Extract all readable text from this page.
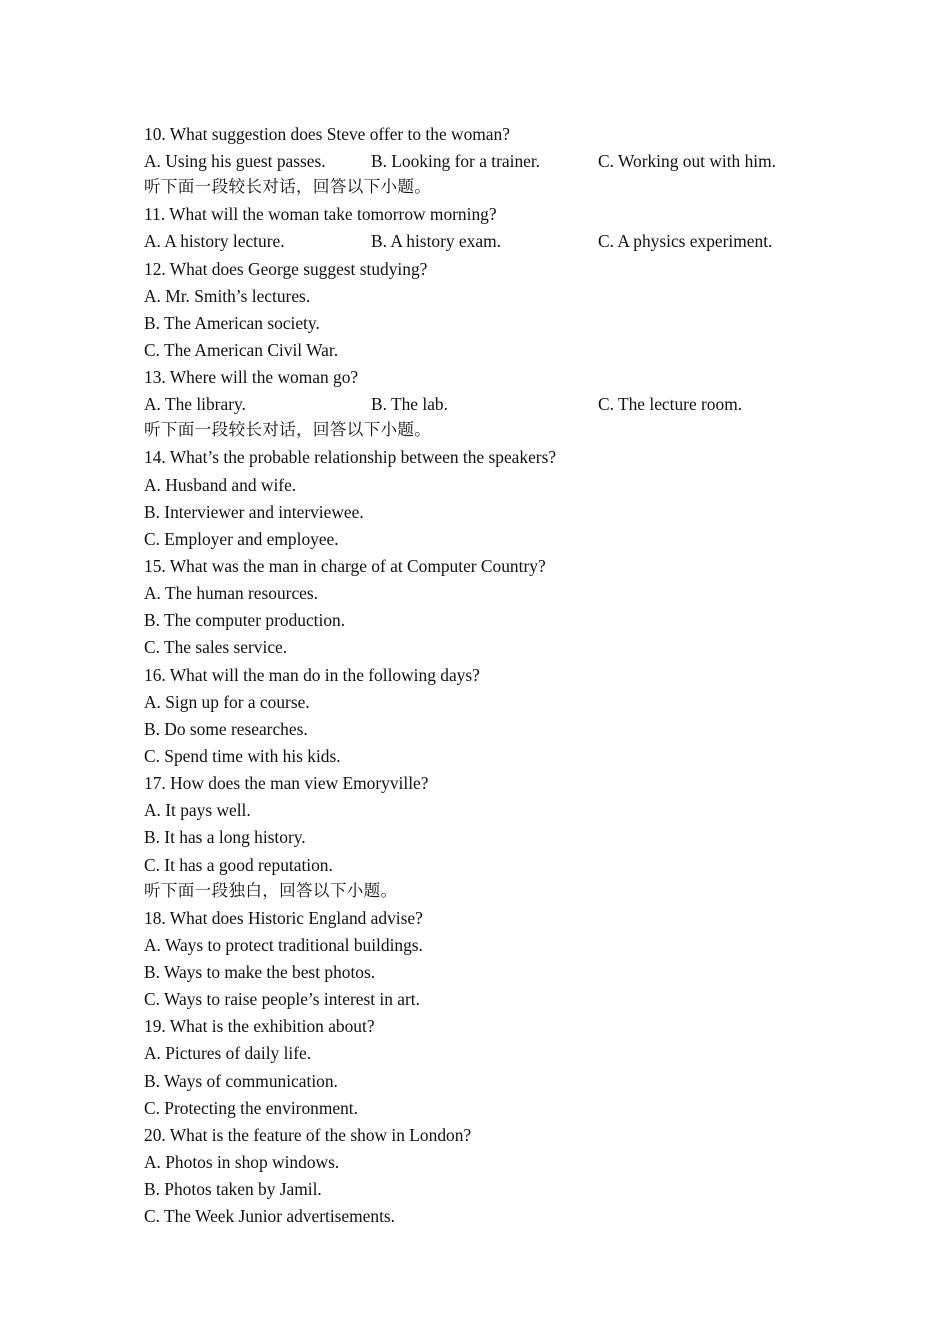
10. What suggestion does Steve offer to the woman?
A. Using his guest passes.	B. Looking for a trainer.	C. Working out with him.
听下面一段较长对话，回答以下小题。
11. What will the woman take tomorrow morning?
A. A history lecture.	B. A history exam.	C. A physics experiment.
12. What does George suggest studying?
A. Mr. Smith’s lectures.
B. The American society.
C. The American Civil War.
13. Where will the woman go?
A. The library.	B. The lab.	C. The lecture room.
听下面一段较长对话，回答以下小题。
14. What’s the probable relationship between the speakers?
A. Husband and wife.
B. Interviewer and interviewee.
C. Employer and employee.
15. What was the man in charge of at Computer Country?
A. The human resources.
B. The computer production.
C. The sales service.
16. What will the man do in the following days?
A. Sign up for a course.
B. Do some researches.
C. Spend time with his kids.
17. How does the man view Emoryville?
A. It pays well.
B. It has a long history.
C. It has a good reputation.
听下面一段独白，回答以下小题。
18. What does Historic England advise?
A. Ways to protect traditional buildings.
B. Ways to make the best photos.
C. Ways to raise people’s interest in art.
19. What is the exhibition about?
A. Pictures of daily life.
B. Ways of communication.
C. Protecting the environment.
20. What is the feature of the show in London?
A. Photos in shop windows.
B. Photos taken by Jamil.
C. The Week Junior advertisements.
